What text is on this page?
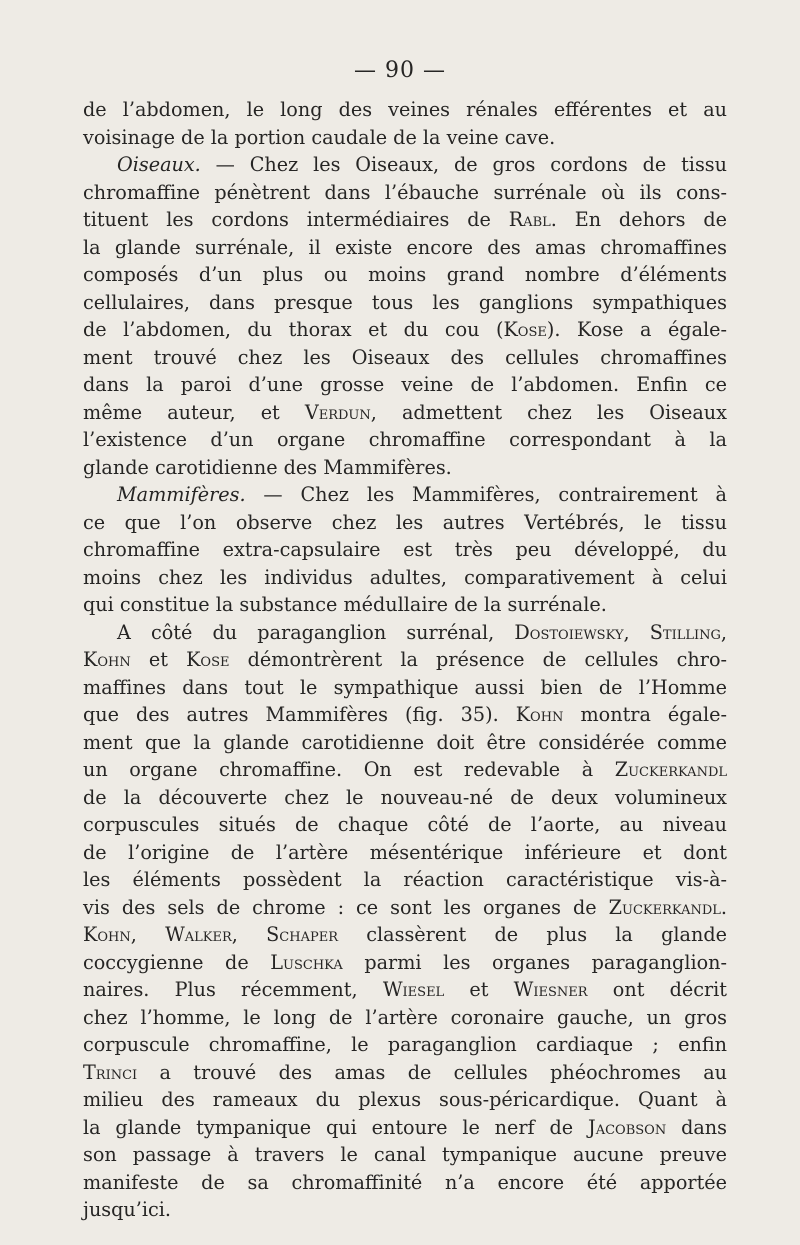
— 90 —
de l’abdomen, le long des veines rénales efférentes et au
voisinage de la portion caudale de la veine cave.
Oiseaux. — Chez les Oiseaux, de gros cordons de tissu
chromaffine pénètrent dans l’ébauche surrénale où ils cons-
tituent les cordons intermédiaires de Rabl. En dehors de
la glande surrénale, il existe encore des amas chromaffines
composés d’un plus ou moins grand nombre d’éléments
cellulaires, dans presque tous les ganglions sympathiques
de l’abdomen, du thorax et du cou (Kose). Kose a égale-
ment trouvé chez les Oiseaux des cellules chromaffines
dans la paroi d’une grosse veine de l’abdomen. Enfin ce
même auteur, et Verdun, admettent chez les Oiseaux
l’existence d’un organe chromaffine correspondant à la
glande carotidienne des Mammifères.
Mammifères. — Chez les Mammifères, contrairement à
ce que l’on observe chez les autres Vertébrés, le tissu
chromaffine extra-capsulaire est très peu développé, du
moins chez les individus adultes, comparativement à celui
qui constitue la substance médullaire de la surrénale.
A côté du paraganglion surrénal, Dostoiewsky, Stilling,
Kohn et Kose démontrèrent la présence de cellules chro-
maffines dans tout le sympathique aussi bien de l’Homme
que des autres Mammifères (fig. 35). Kohn montra égale-
ment que la glande carotidienne doit être considérée comme
un organe chromaffine. On est redevable à Zuckerkandl
de la découverte chez le nouveau-né de deux volumineux
corpuscules situés de chaque côté de l’aorte, au niveau
de l’origine de l’artère mésentérique inférieure et dont
les éléments possèdent la réaction caractéristique vis-à-
vis des sels de chrome : ce sont les organes de Zuckerkandl.
Kohn, Walker, Schaper classèrent de plus la glande
coccygienne de Luschka parmi les organes paraganglion-
naires. Plus récemment, Wiesel et Wiesner ont décrit
chez l’homme, le long de l’artère coronaire gauche, un gros
corpuscule chromaffine, le paraganglion cardiaque ; enfin
Trinci a trouvé des amas de cellules phéochromes au
milieu des rameaux du plexus sous-péricardique. Quant à
la glande tympanique qui entoure le nerf de Jacobson dans
son passage à travers le canal tympanique aucune preuve
manifeste de sa chromaffinité n’a encore été apportée
jusqu’ici.
